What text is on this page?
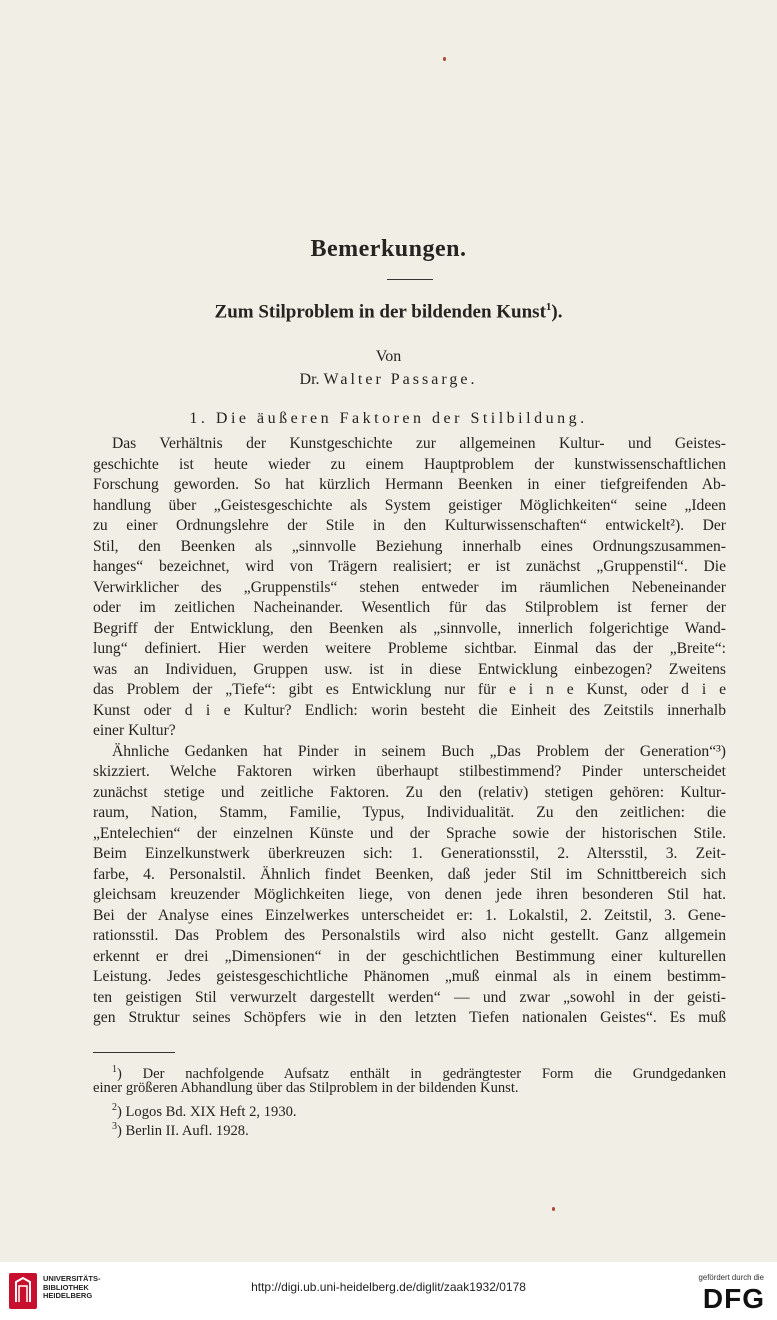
Bemerkungen.
Zum Stilproblem in der bildenden Kunst$^1$).
Von
Dr. Walter Passarge.
1. Die äußeren Faktoren der Stilbildung.
Das Verhältnis der Kunstgeschichte zur allgemeinen Kultur- und Geistes-
geschichte ist heute wieder zu einem Hauptproblem der kunstwissenschaftlichen
Forschung geworden. So hat kürzlich Hermann Beenken in einer tiefgreifenden Ab-
handlung über „Geistesgeschichte als System geistiger Möglichkeiten“ seine „Ideen
zu einer Ordnungslehre der Stile in den Kulturwissenschaften“ entwickelt²). Der
Stil, den Beenken als „sinnvolle Beziehung innerhalb eines Ordnungszusammen-
hanges“ bezeichnet, wird von Trägern realisiert; er ist zunächst „Gruppenstil“. Die
Verwirklicher des „Gruppenstils“ stehen entweder im räumlichen Nebeneinander
oder im zeitlichen Nacheinander. Wesentlich für das Stilproblem ist ferner der
Begriff der Entwicklung, den Beenken als „sinnvolle, innerlich folgerichtige Wand-
lung“ definiert. Hier werden weitere Probleme sichtbar. Einmal das der „Breite“:
was an Individuen, Gruppen usw. ist in diese Entwicklung einbezogen? Zweitens
das Problem der „Tiefe“: gibt es Entwicklung nur für e i n e Kunst, oder d i e
Kunst oder d i e Kultur? Endlich: worin besteht die Einheit des Zeitstils innerhalb
einer Kultur?
Ähnliche Gedanken hat Pinder in seinem Buch „Das Problem der Generation“³)
skizziert. Welche Faktoren wirken überhaupt stilbestimmend? Pinder unterscheidet
zunächst stetige und zeitliche Faktoren. Zu den (relativ) stetigen gehören: Kultur-
raum, Nation, Stamm, Familie, Typus, Individualität. Zu den zeitlichen: die
„Entelechien“ der einzelnen Künste und der Sprache sowie der historischen Stile.
Beim Einzelkunstwerk überkreuzen sich: 1. Generationsstil, 2. Altersstil, 3. Zeit-
farbe, 4. Personalstil. Ähnlich findet Beenken, daß jeder Stil im Schnittbereich sich
gleichsam kreuzender Möglichkeiten liege, von denen jede ihren besonderen Stil hat.
Bei der Analyse eines Einzelwerkes unterscheidet er: 1. Lokalstil, 2. Zeitstil, 3. Gene-
rationsstil. Das Problem des Personalstils wird also nicht gestellt. Ganz allgemein
erkennt er drei „Dimensionen“ in der geschichtlichen Bestimmung einer kulturellen
Leistung. Jedes geistesgeschichtliche Phänomen „muß einmal als in einem bestimm-
ten geistigen Stil verwurzelt dargestellt werden“ — und zwar „sowohl in der geisti-
gen Struktur seines Schöpfers wie in den letzten Tiefen nationalen Geistes“. Es muß
$^1$) Der nachfolgende Aufsatz enthält in gedrängtester Form die Grundgedanken
einer größeren Abhandlung über das Stilproblem in der bildenden Kunst.
$^2$) Logos Bd. XIX Heft 2, 1930.
$^3$) Berlin II. Aufl. 1928.
UNIVERSITÄTS-
BIBLIOTHEK
HEIDELBERG
http://digi.ub.uni-heidelberg.de/diglit/zaak1932/0178
gefördert durch die
DFG
